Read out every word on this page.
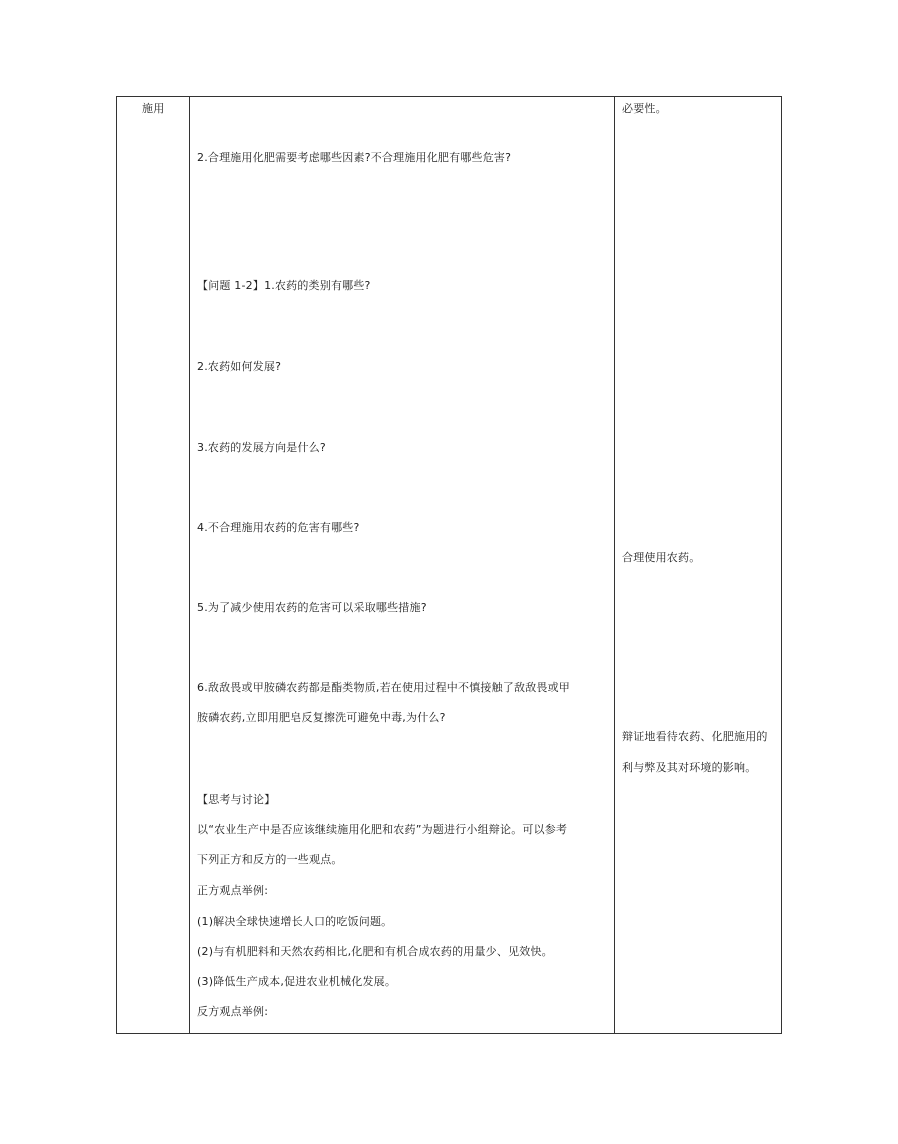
施用
2.合理施用化肥需要考虑哪些因素?不合理施用化肥有哪些危害?
【问题 1-2】1.农药的类别有哪些?
2.农药如何发展?
3.农药的发展方向是什么?
4.不合理施用农药的危害有哪些?
5.为了减少使用农药的危害可以采取哪些措施?
6.敌敌畏或甲胺磷农药都是酯类物质,若在使用过程中不慎接触了敌敌畏或甲
胺磷农药,立即用肥皂反复擦洗可避免中毒,为什么?
【思考与讨论】
以“农业生产中是否应该继续施用化肥和农药”为题进行小组辩论。可以参考
下列正方和反方的一些观点。
正方观点举例:
(1)解决全球快速增长人口的吃饭问题。
(2)与有机肥料和天然农药相比,化肥和有机合成农药的用量少、见效快。
(3)降低生产成本,促进农业机械化发展。
反方观点举例:
必要性。
合理使用农药。
辩证地看待农药、化肥施用的
利与弊及其对环境的影响。
